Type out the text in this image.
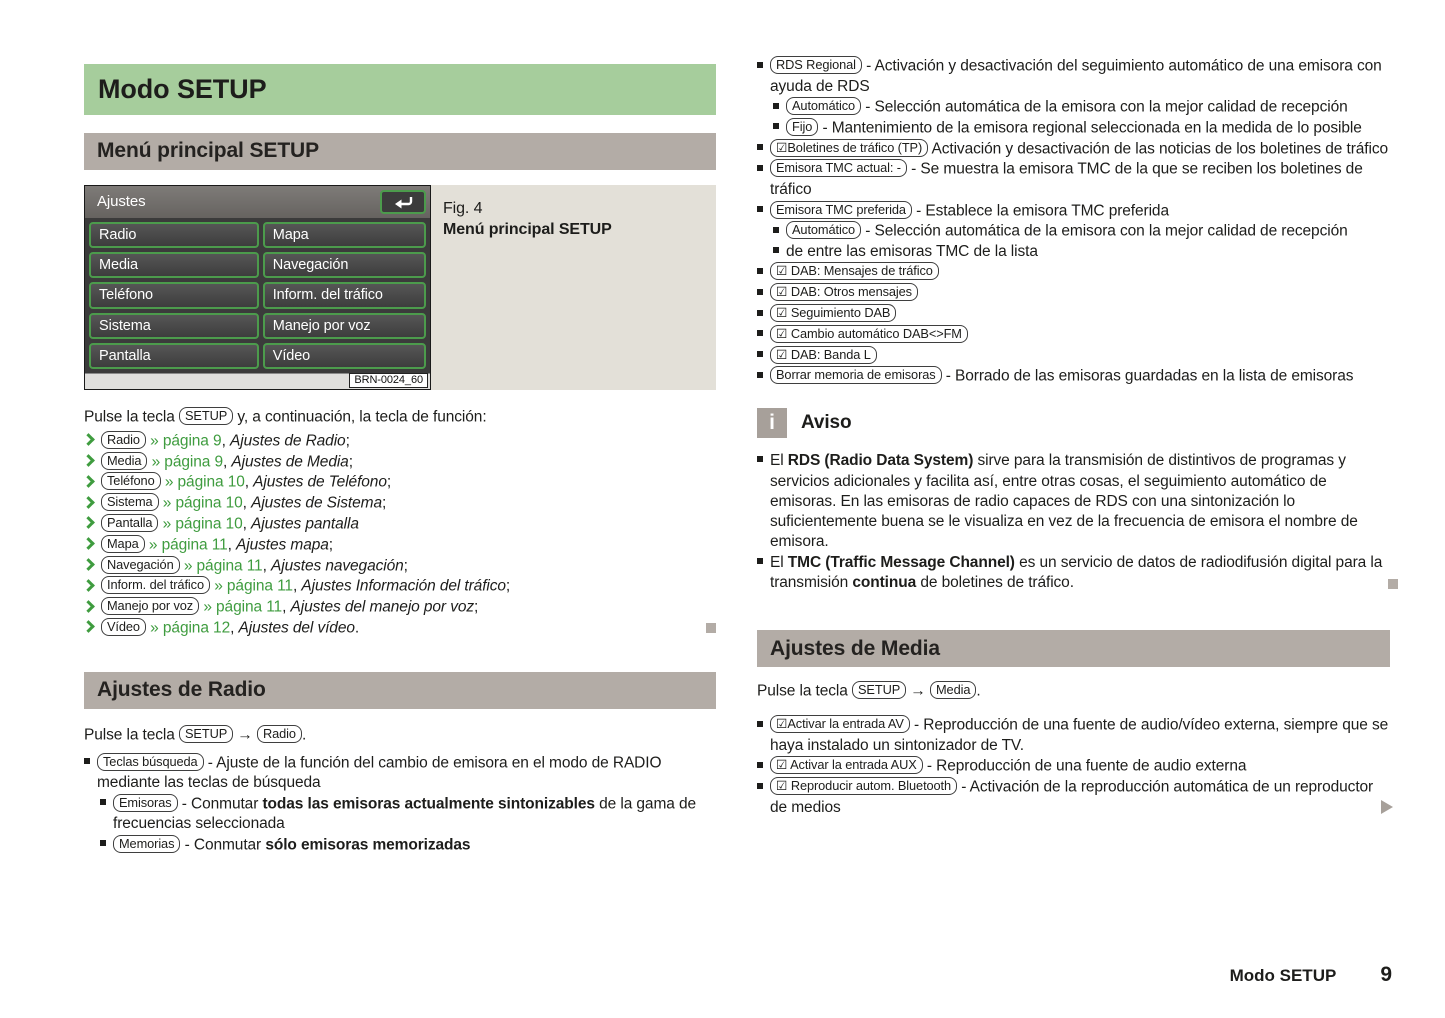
Modo SETUP
Menú principal SETUP
Ajustes
Radio
Media
Teléfono
Sistema
Pantalla
Mapa
Navegación
Inform. del tráfico
Manejo por voz
Vídeo
BRN-0024_60
Fig. 4
Menú principal SETUP
Pulse la tecla SETUP y, a continuación, la tecla de función:
Radio » página 9, Ajustes de Radio;
Media » página 9, Ajustes de Media;
Teléfono » página 10, Ajustes de Teléfono;
Sistema » página 10, Ajustes de Sistema;
Pantalla » página 10, Ajustes pantalla
Mapa » página 11, Ajustes mapa;
Navegación » página 11, Ajustes navegación;
Inform. del tráfico » página 11, Ajustes Información del tráfico;
Manejo por voz » página 11, Ajustes del manejo por voz;
Vídeo » página 12, Ajustes del vídeo.
Ajustes de Radio
Pulse la tecla SETUP → Radio .
Teclas búsqueda - Ajuste de la función del cambio de emisora en el modo de RADIO mediante las teclas de búsqueda
Emisoras - Conmutar todas las emisoras actualmente sintonizables de la gama de frecuencias seleccionada
Memorias - Conmutar sólo emisoras memorizadas
RDS Regional - Activación y desactivación del seguimiento automático de una emisora con ayuda de RDS
Automático - Selección automática de la emisora con la mejor calidad de recepción
Fijo - Mantenimiento de la emisora regional seleccionada en la medida de lo posible
☑Boletines de tráfico (TP) Activación y desactivación de las noticias de los boletines de tráfico
Emisora TMC actual: - - Se muestra la emisora TMC de la que se reciben los boletines de tráfico
Emisora TMC preferida - Establece la emisora TMC preferida
Automático - Selección automática de la emisora con la mejor calidad de recepción
de entre las emisoras TMC de la lista
☑ DAB: Mensajes de tráfico
☑ DAB: Otros mensajes
☑ Seguimiento DAB
☑ Cambio automático DAB<>FM
☑ DAB: Banda L
Borrar memoria de emisoras - Borrado de las emisoras guardadas en la lista de emisoras
i	Aviso
El RDS (Radio Data System) sirve para la transmisión de distintivos de programas y servicios adicionales y facilita así, entre otras cosas, el seguimiento automático de emisoras. En las emisoras de radio capaces de RDS con una sintonización lo suficientemente buena se le visualiza en vez de la frecuencia de emisora el nombre de emisora.
El TMC (Traffic Message Channel) es un servicio de datos de radiodifusión digital para la transmisión continua de boletines de tráfico.
Ajustes de Media
Pulse la tecla SETUP → Media .
☑Activar la entrada AV - Reproducción de una fuente de audio/vídeo externa, siempre que se haya instalado un sintonizador de TV.
☑ Activar la entrada AUX - Reproducción de una fuente de audio externa
☑ Reproducir autom. Bluetooth - Activación de la reproducción automática de un reproductor de medios
Modo SETUP 9
